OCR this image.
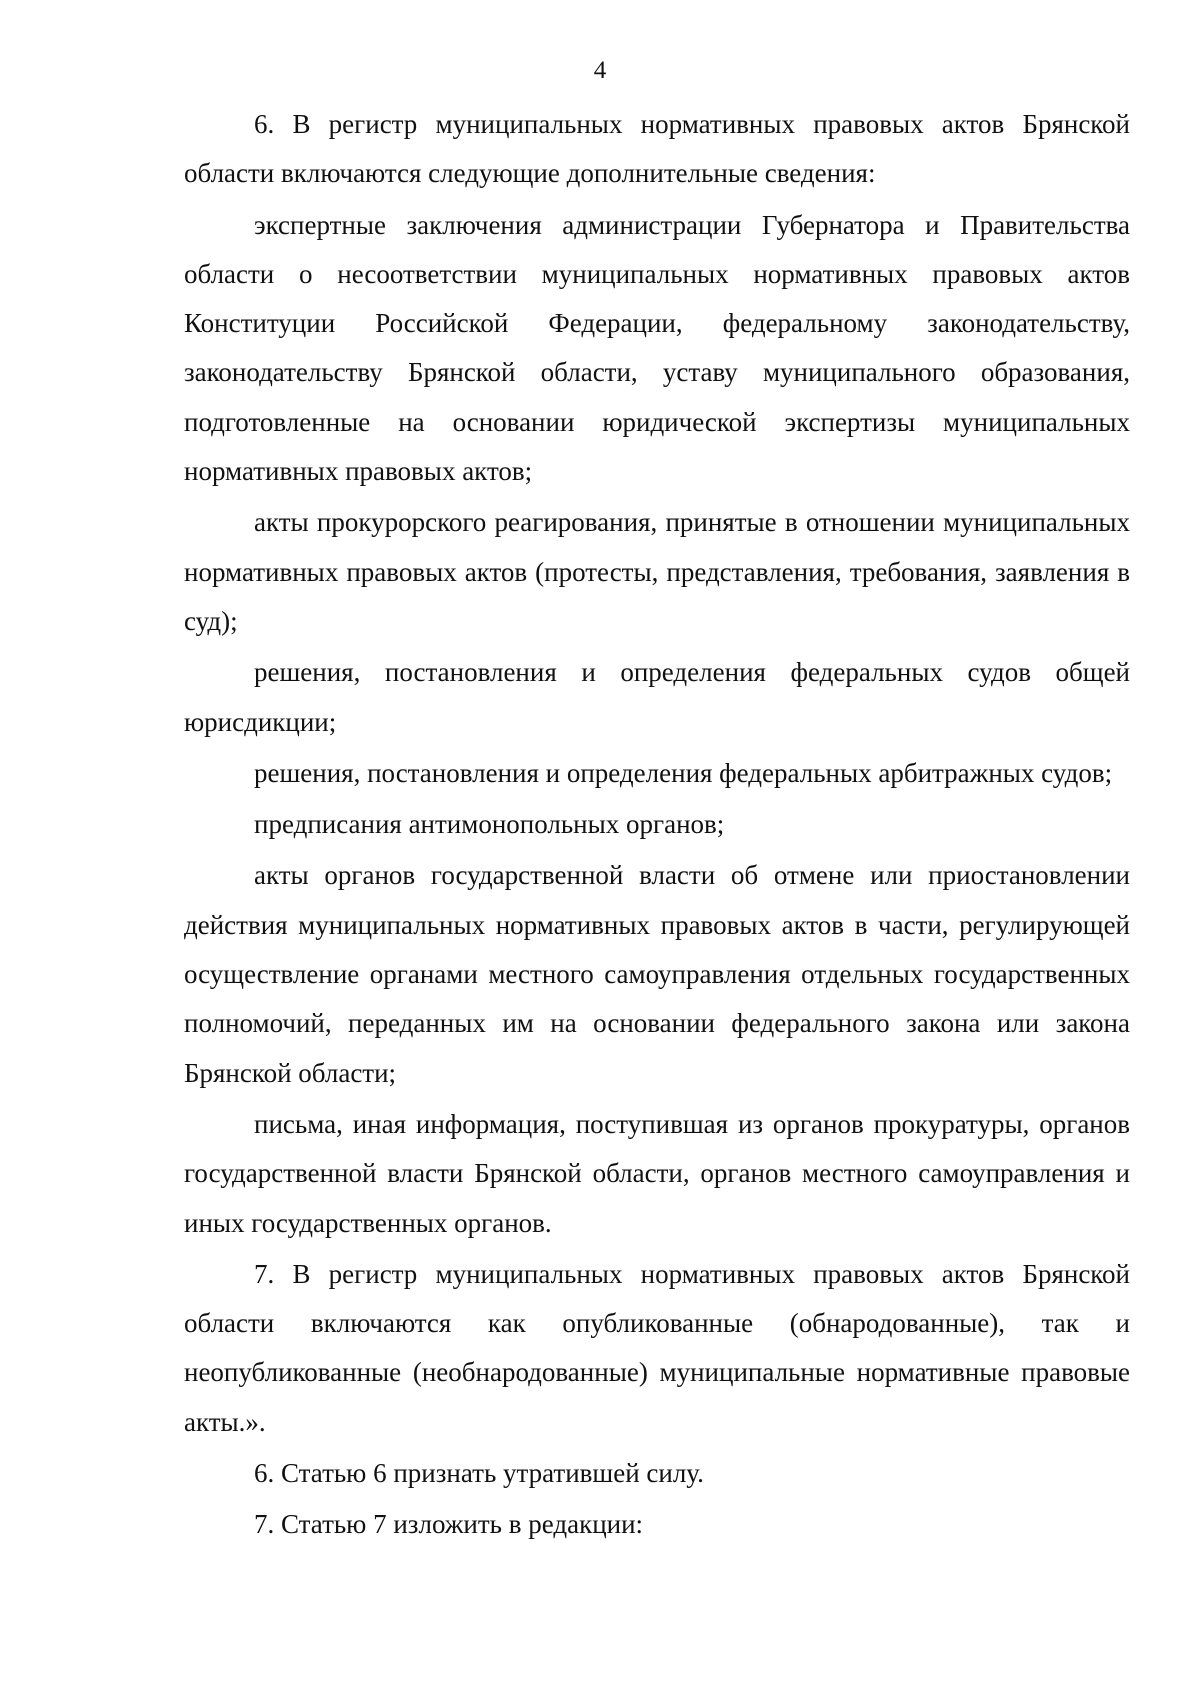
4

6. В регистр муниципальных нормативных правовых актов Брянской области включаются следующие дополнительные сведения:

экспертные заключения администрации Губернатора и Правительства области о несоответствии муниципальных нормативных правовых актов Конституции Российской Федерации, федеральному законодательству, законодательству Брянской области, уставу муниципального образования, подготовленные на основании юридической экспертизы муниципальных нормативных правовых актов;

акты прокурорского реагирования, принятые в отношении муниципальных нормативных правовых актов (протесты, представления, требования, заявления в суд);

решения, постановления и определения федеральных судов общей юрисдикции;

решения, постановления и определения федеральных арбитражных судов;

предписания антимонопольных органов;

акты органов государственной власти об отмене или приостановлении действия муниципальных нормативных правовых актов в части, регулирующей осуществление органами местного самоуправления отдельных государственных полномочий, переданных им на основании федерального закона или закона Брянской области;

письма, иная информация, поступившая из органов прокуратуры, органов государственной власти Брянской области, органов местного самоуправления и иных государственных органов.

7. В регистр муниципальных нормативных правовых актов Брянской области включаются как опубликованные (обнародованные), так и неопубликованные (необнародованные) муниципальные нормативные правовые акты.».

6. Статью 6 признать утратившей силу.

7. Статью 7 изложить в редакции:
